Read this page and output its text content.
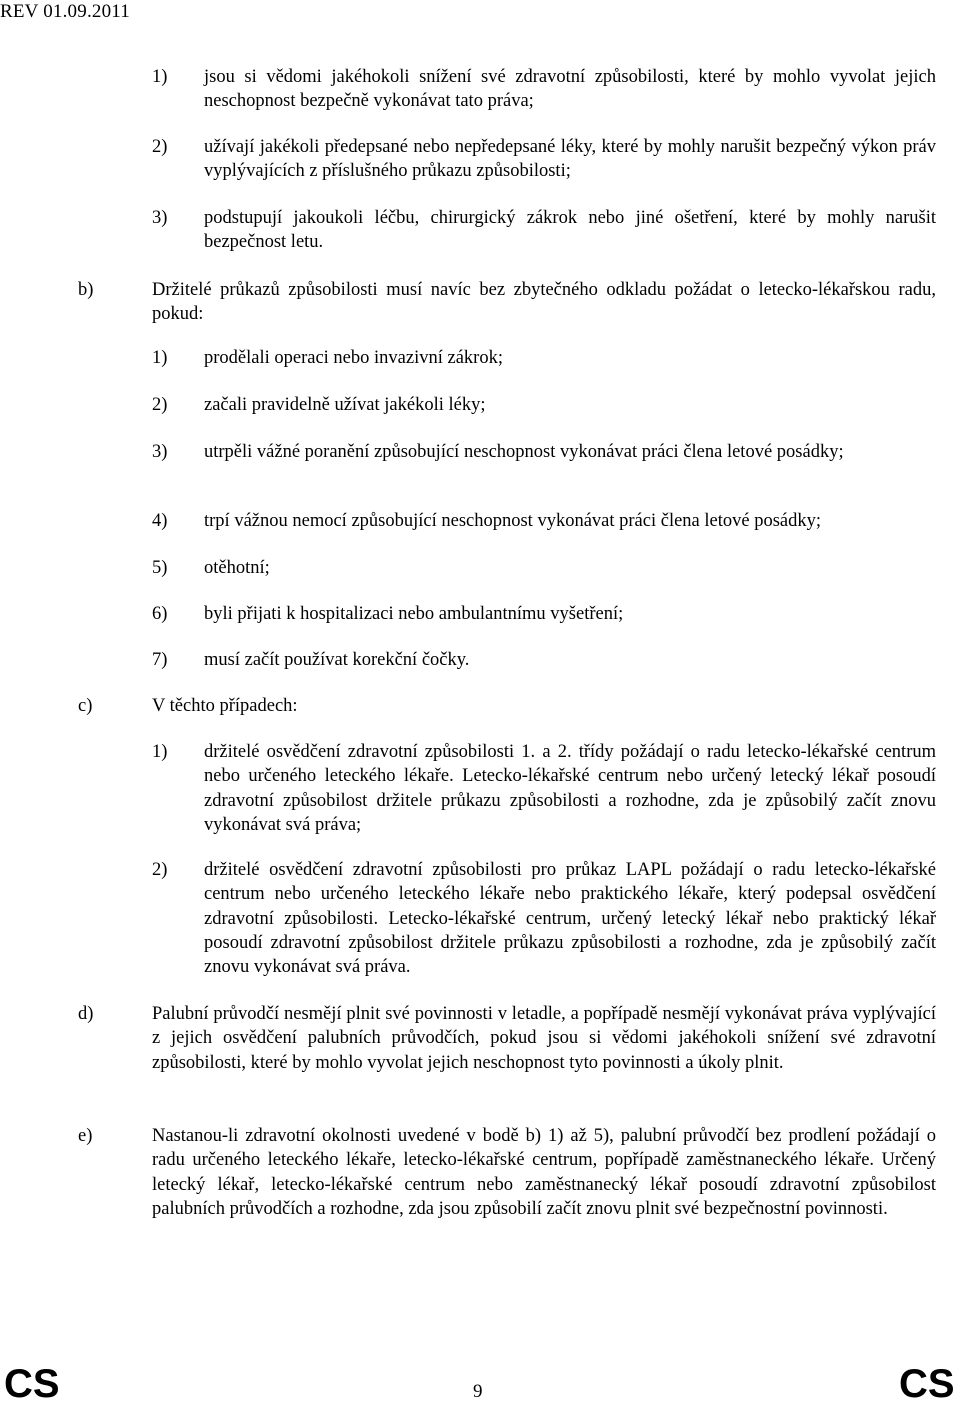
REV 01.09.2011
1) jsou si vědomi jakéhokoli snížení své zdravotní způsobilosti, které by mohlo vyvolat jejich neschopnost bezpečně vykonávat tato práva;
2) užívají jakékoli předepsané nebo nepředepsané léky, které by mohly narušit bezpečný výkon práv vyplývajících z příslušného průkazu způsobilosti;
3) podstupují jakoukoli léčbu, chirurgický zákrok nebo jiné ošetření, které by mohly narušit bezpečnost letu.
b)	Držitelé průkazů způsobilosti musí navíc bez zbytečného odkladu požádat o letecko-lékařskou radu, pokud:
1) prodělali operaci nebo invazivní zákrok;
2) začali pravidelně užívat jakékoli léky;
3) utrpěli vážné poranění způsobující neschopnost vykonávat práci člena letové posádky;
4) trpí vážnou nemocí způsobující neschopnost vykonávat práci člena letové posádky;
5) otěhotní;
6) byli přijati k hospitalizaci nebo ambulantnímu vyšetření;
7) musí začít používat korekční čočky.
c)	V těchto případech:
1) držitelé osvědčení zdravotní způsobilosti 1. a 2. třídy požádají o radu letecko-lékařské centrum nebo určeného leteckého lékaře. Letecko-lékařské centrum nebo určený letecký lékař posoudí zdravotní způsobilost držitele průkazu způsobilosti a rozhodne, zda je způsobilý začít znovu vykonávat svá práva;
2) držitelé osvědčení zdravotní způsobilosti pro průkaz LAPL požádají o radu letecko-lékařské centrum nebo určeného leteckého lékaře nebo praktického lékaře, který podepsal osvědčení zdravotní způsobilosti. Letecko-lékařské centrum, určený letecký lékař nebo praktický lékař posoudí zdravotní způsobilost držitele průkazu způsobilosti a rozhodne, zda je způsobilý začít znovu vykonávat svá práva.
d)	Palubní průvodčí nesmějí plnit své povinnosti v letadle, a popřípadě nesmějí vykonávat práva vyplývající z jejich osvědčení palubních průvodčích, pokud jsou si vědomi jakéhokoli snížení své zdravotní způsobilosti, které by mohlo vyvolat jejich neschopnost tyto povinnosti a úkoly plnit.
e)	Nastanou-li zdravotní okolnosti uvedené v bodě b) 1) až 5), palubní průvodčí bez prodlení požádají o radu určeného leteckého lékaře, letecko-lékařské centrum, popřípadě zaměstnaneckého lékaře. Určený letecký lékař, letecko-lékařské centrum nebo zaměstnanecký lékař posoudí zdravotní způsobilost palubních průvodčích a rozhodne, zda jsou způsobilí začít znovu plnit své bezpečnostní povinnosti.
CS	9	CS
